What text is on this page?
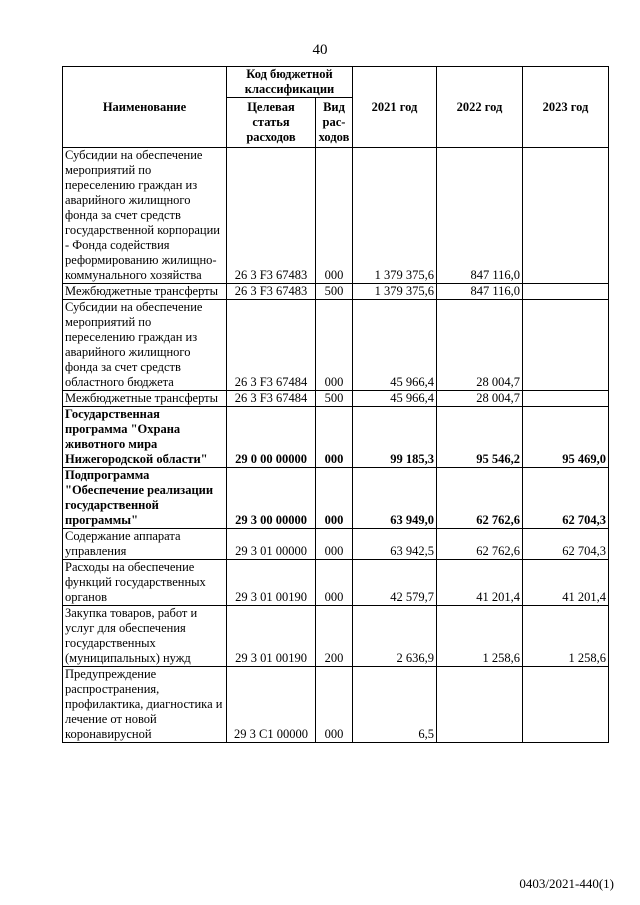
40
Наименование	Код бюджетной классификации		2021 год	2022 год	2023 год
	Целевая статья расходов	Вид рас-ходов			
Субсидии на обеспечение мероприятий по переселению граждан из аварийного жилищного фонда за счет средств государственной корпорации - Фонда содействия реформированию жилищно-коммунального хозяйства	26 3 F3 67483	000	1 379 375,6	847 116,0	
Межбюджетные трансферты	26 3 F3 67483	500	1 379 375,6	847 116,0	
Субсидии на обеспечение мероприятий по переселению граждан из аварийного жилищного фонда за счет средств областного бюджета	26 3 F3 67484	000	45 966,4	28 004,7	
Межбюджетные трансферты	26 3 F3 67484	500	45 966,4	28 004,7	
Государственная программа "Охрана животного мира Нижегородской области"	29 0 00 00000	000	99 185,3	95 546,2	95 469,0
Подпрограмма "Обеспечение реализации государственной программы"	29 3 00 00000	000	63 949,0	62 762,6	62 704,3
Содержание аппарата управления	29 3 01 00000	000	63 942,5	62 762,6	62 704,3
Расходы на обеспечение функций государственных органов	29 3 01 00190	000	42 579,7	41 201,4	41 201,4
Закупка товаров, работ и услуг для обеспечения государственных (муниципальных) нужд	29 3 01 00190	200	2 636,9	1 258,6	1 258,6
Предупреждение распространения, профилактика, диагностика и лечение от новой коронавирусной	29 3 C1 00000	000	6,5		
0403/2021-440(1)
